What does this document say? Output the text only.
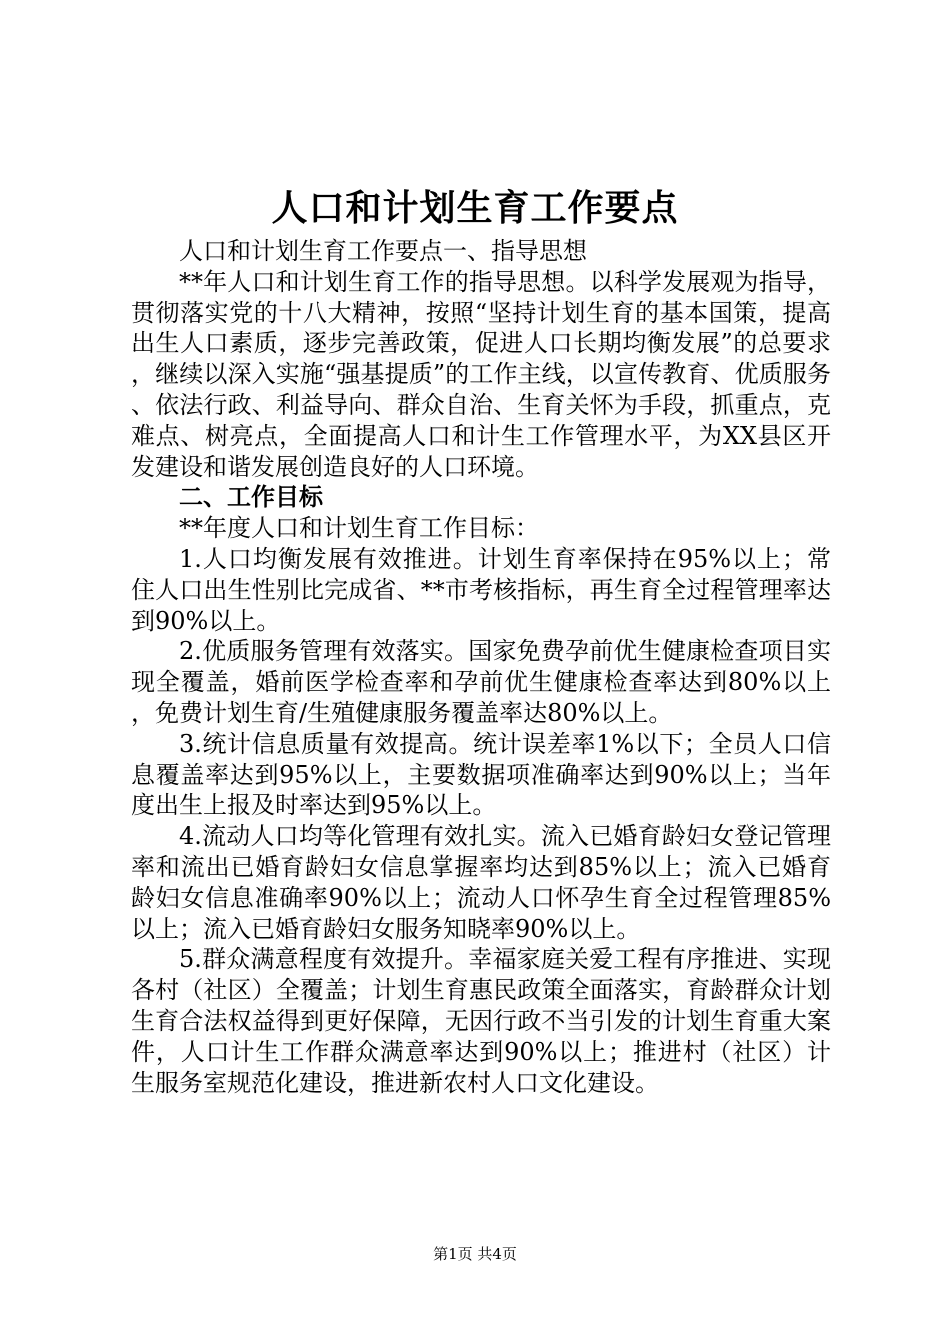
人口和计划生育工作要点

人口和计划生育工作要点一、指导思想

**年人口和计划生育工作的指导思想。以科学发展观为指导，贯彻落实党的十八大精神，按照“坚持计划生育的基本国策，提高出生人口素质，逐步完善政策，促进人口长期均衡发展”的总要求，继续以深入实施“强基提质”的工作主线，以宣传教育、优质服务、依法行政、利益导向、群众自治、生育关怀为手段，抓重点，克难点、树亮点，全面提高人口和计生工作管理水平，为XX县区开发建设和谐发展创造良好的人口环境。

二、工作目标

**年度人口和计划生育工作目标：

1.人口均衡发展有效推进。计划生育率保持在95%以上；常住人口出生性别比完成省、**市考核指标，再生育全过程管理率达到90%以上。

2.优质服务管理有效落实。国家免费孕前优生健康检查项目实现全覆盖，婚前医学检查率和孕前优生健康检查率达到80%以上，免费计划生育/生殖健康服务覆盖率达80%以上。

3.统计信息质量有效提高。统计误差率1%以下；全员人口信息覆盖率达到95%以上，主要数据项准确率达到90%以上；当年度出生上报及时率达到95%以上。

4.流动人口均等化管理有效扎实。流入已婚育龄妇女登记管理率和流出已婚育龄妇女信息掌握率均达到85%以上；流入已婚育龄妇女信息准确率90%以上；流动人口怀孕生育全过程管理85%以上；流入已婚育龄妇女服务知晓率90%以上。

5.群众满意程度有效提升。幸福家庭关爱工程有序推进、实现各村（社区）全覆盖；计划生育惠民政策全面落实，育龄群众计划生育合法权益得到更好保障，无因行政不当引发的计划生育重大案件，人口计生工作群众满意率达到90%以上；推进村（社区）计生服务室规范化建设，推进新农村人口文化建设。

第1页 共4页
